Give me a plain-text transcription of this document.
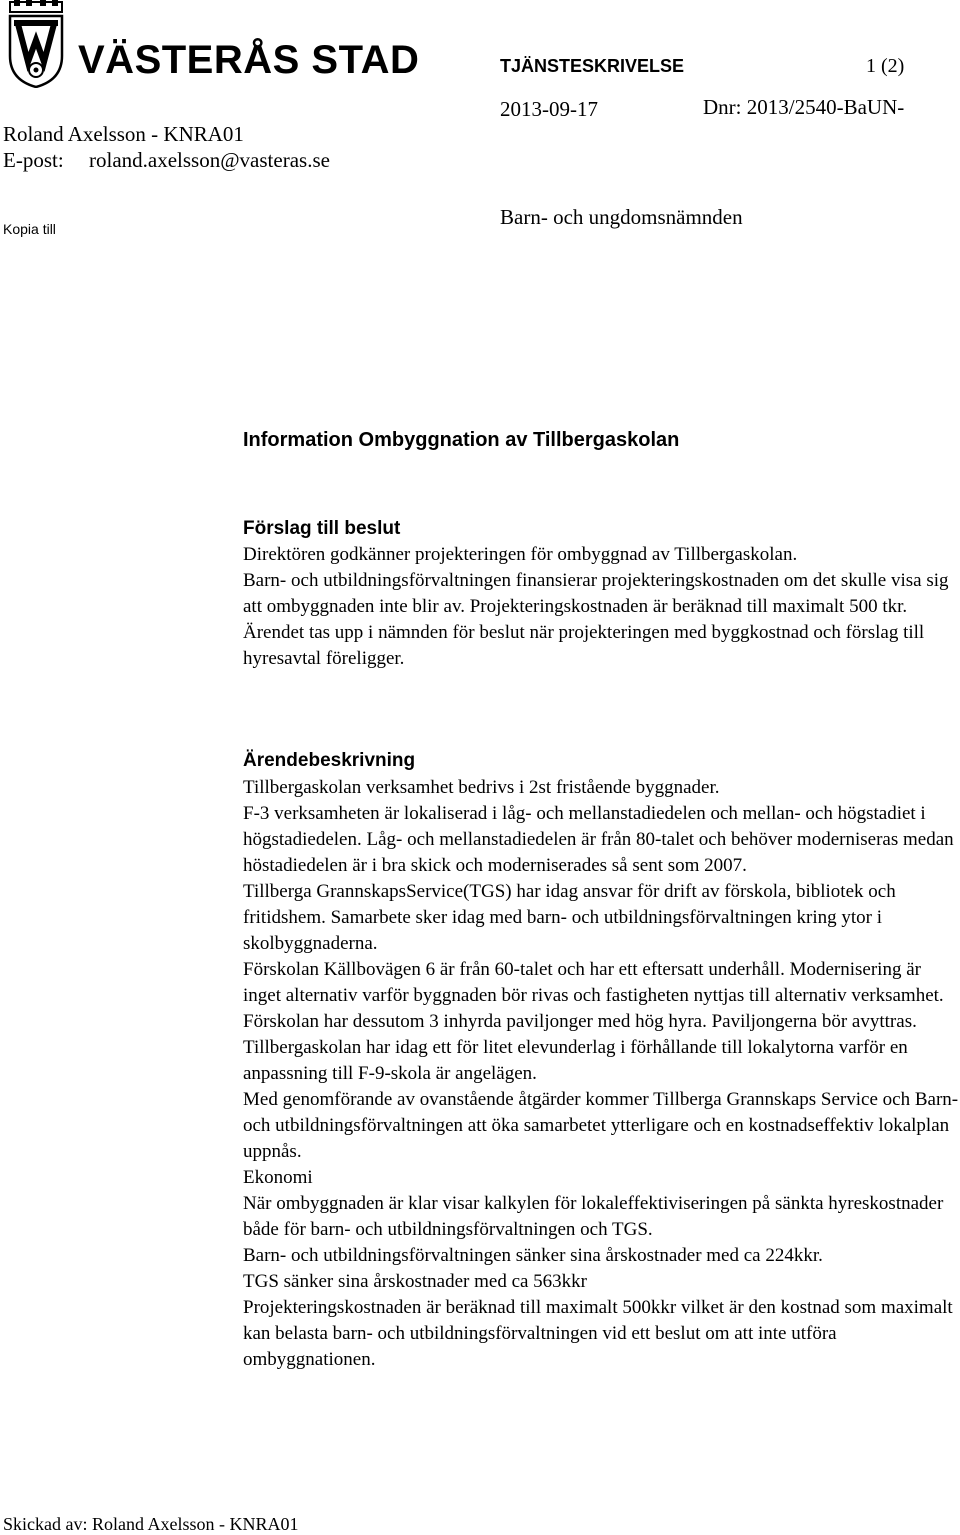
VÄSTERÅS STAD	TJÄNSTESKRIVELSE	1 (2)
2013-09-17	Dnr: 2013/2540-BaUN-

Roland Axelsson - KNRA01
E-post: roland.axelsson@vasteras.se
Kopia till	Barn- och ungdomsnämnden
Information Ombyggnation av Tillbergaskolan
Förslag till beslut

Direktören godkänner projekteringen för ombyggnad av Tillbergaskolan.

Barn- och utbildningsförvaltningen finansierar projekteringskostnaden om det skulle visa sig att ombyggnaden inte blir av. Projekteringskostnaden är beräknad till maximalt 500 tkr.

Ärendet tas upp i nämnden för beslut när projekteringen med byggkostnad och förslag till hyresavtal föreligger.

Ärendebeskrivning

Tillbergaskolan verksamhet bedrivs i 2st fristående byggnader.

F-3 verksamheten är lokaliserad i låg- och mellanstadiedelen och mellan- och högstadiet i högstadiedelen. Låg- och mellanstadiedelen är från 80-talet och behöver moderniseras medan höstadiedelen är i bra skick och moderniserades så sent som 2007.

Tillberga GrannskapsService(TGS) har idag ansvar för drift av förskola, bibliotek och fritidshem. Samarbete sker idag med barn- och utbildningsförvaltningen kring ytor i skolbyggnaderna.

Förskolan Källbovägen 6 är från 60-talet och har ett eftersatt underhåll. Modernisering är inget alternativ varför byggnaden bör rivas och fastigheten nyttjas till alternativ verksamhet.

Förskolan har dessutom 3 inhyrda paviljonger med hög hyra. Paviljongerna bör avyttras.

Tillbergaskolan har idag ett för litet elevunderlag i förhållande till lokalytorna varför en anpassning till F-9-skola är angeläge​n.

Med genomförande av ovanstående åtgärder kommer Tillberga Grannskaps Service och Barn- och utbildningsförvaltningen att öka samarbetet ytterligare och en kostnadseffektiv lokalplan uppnås.

Ekonomi

När ombyggnaden är klar visar kalkylen för lokaleffektiviseringen på sänkta hyreskostnader både för barn- och utbildningsförvaltningen och TGS.

Barn- och utbildningsförvaltningen sänker sina årskostnader med ca 224kkr.

TGS sänker sina årskostnader med ca 563kkr

Projekteringskostnaden är beräknad till maximalt 500kkr vilket är den kostnad som maximalt kan belasta barn- och utbildningsförvaltningen vid ett beslut om att inte utföra ombyggnationen.

Skickad av: Roland Axelsson - KNRA01
